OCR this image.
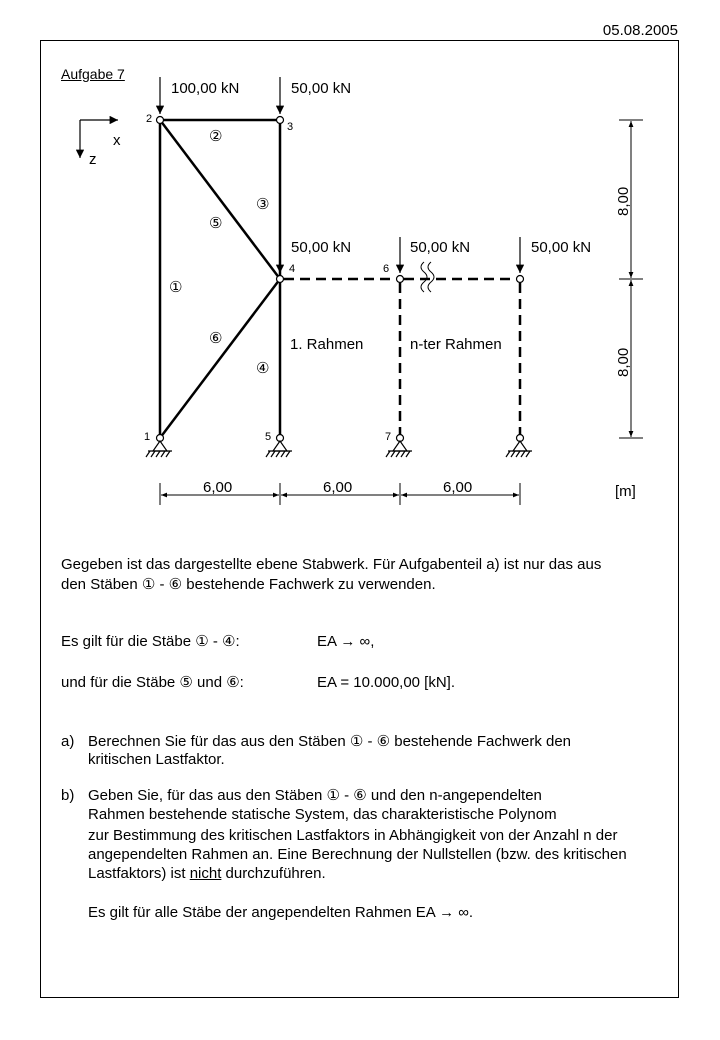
05.08.2005
Aufgabe 7
100,00 kN	50,00 kN
50,00 kN	50,00 kN	50,00 kN
2
3
4	6
1	5	7
②
③
⑤
①
⑥
④
1. Rahmen	n-ter Rahmen
x
z
6,00	6,00	6,00	[m]
8,00
8,00
Gegeben ist das dargestellte ebene Stabwerk. Für Aufgabenteil a) ist nur das aus
den Stäben ① - ⑥ bestehende Fachwerk zu verwenden.
Es gilt für die Stäbe ① - ④:	EA → ∞,
und für die Stäbe ⑤ und ⑥:	EA = 10.000,00 [kN].
a) Berechnen Sie für das aus den Stäben ① - ⑥ bestehende Fachwerk den
kritischen Lastfaktor.
b) Geben Sie, für das aus den Stäben ① - ⑥ und den n-angependelten
Rahmen bestehende statische System, das charakteristische Polynom
zur Bestimmung des kritischen Lastfaktors in Abhängigkeit von der Anzahl n der
angependelten Rahmen an. Eine Berechnung der Nullstellen (bzw. des kritischen
Lastfaktors) ist nicht durchzuführen.
Es gilt für alle Stäbe der angependelten Rahmen EA → ∞.
